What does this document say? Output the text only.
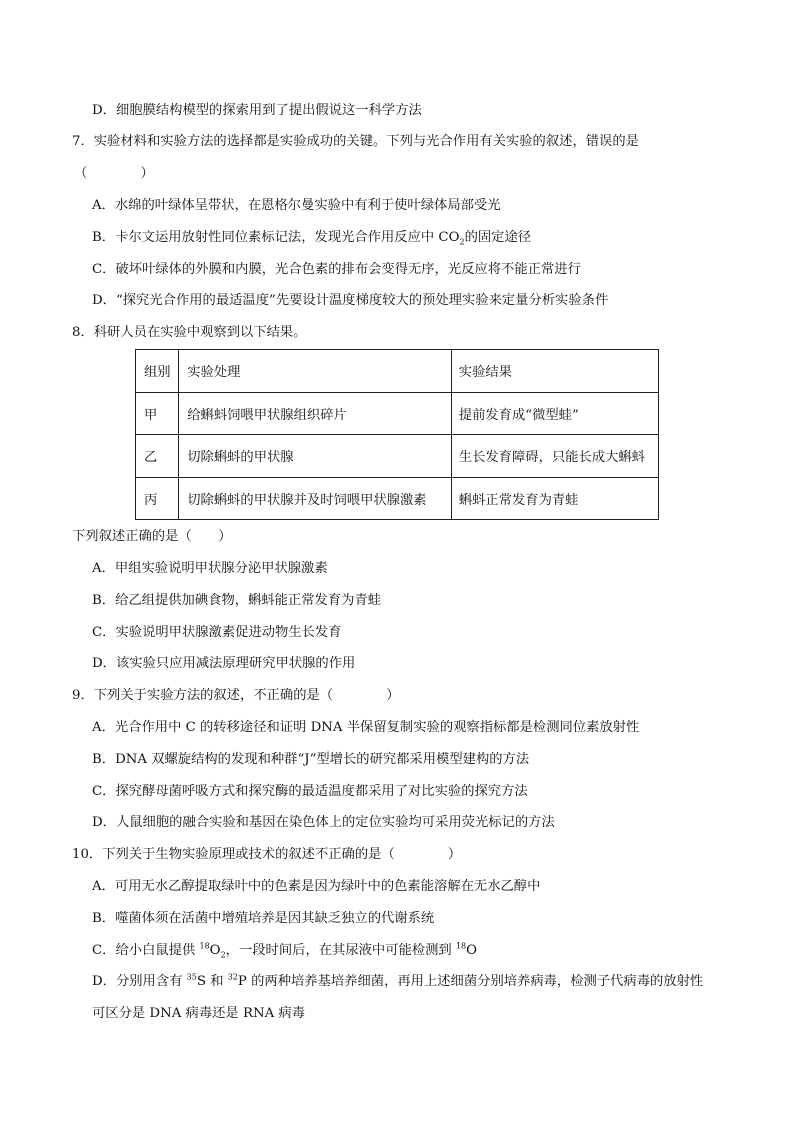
D．细胞膜结构模型的探索用到了提出假说这一科学方法
7．实验材料和实验方法的选择都是实验成功的关键。下列与光合作用有关实验的叙述，错误的是
（　　　　）
A．水绵的叶绿体呈带状，在恩格尔曼实验中有利于使叶绿体局部受光
B．卡尔文运用放射性同位素标记法，发现光合作用反应中 $CO_2$的固定途径
C．破坏叶绿体的外膜和内膜，光合色素的排布会变得无序，光反应将不能正常进行
D．“探究光合作用的最适温度”先要设计温度梯度较大的预处理实验来定量分析实验条件
8．科研人员在实验中观察到以下结果。
组别	实验处理	实验结果
甲	给蝌蚪饲喂甲状腺组织碎片	提前发育成“微型蛙”
乙	切除蝌蚪的甲状腺	生长发育障碍，只能长成大蝌蚪
丙	切除蝌蚪的甲状腺并及时饲喂甲状腺激素	蝌蚪正常发育为青蛙
下列叙述正确的是（　　）
A．甲组实验说明甲状腺分泌甲状腺激素
B．给乙组提供加碘食物，蝌蚪能正常发育为青蛙
C．实验说明甲状腺激素促进动物生长发育
D．该实验只应用减法原理研究甲状腺的作用
9．下列关于实验方法的叙述，不正确的是（　　　　）
A．光合作用中 C 的转移途径和证明 DNA 半保留复制实验的观察指标都是检测同位素放射性
B．DNA 双螺旋结构的发现和种群“J”型增长的研究都采用模型建构的方法
C．探究酵母菌呼吸方式和探究酶的最适温度都采用了对比实验的探究方法
D．人鼠细胞的融合实验和基因在染色体上的定位实验均可采用荧光标记的方法
10．下列关于生物实验原理或技术的叙述不正确的是（　　　　）
A．可用无水乙醇提取绿叶中的色素是因为绿叶中的色素能溶解在无水乙醇中
B．噬菌体须在活菌中增殖培养是因其缺乏独立的代谢系统
C．给小白鼠提供 $^{18}O_2$，一段时间后，在其尿液中可能检测到 $^{18}$O
D．分别用含有 $^{35}$S 和 $^{32}$P 的两种培养基培养细菌，再用上述细菌分别培养病毒，检测子代病毒的放射性
可区分是 DNA 病毒还是 RNA 病毒
